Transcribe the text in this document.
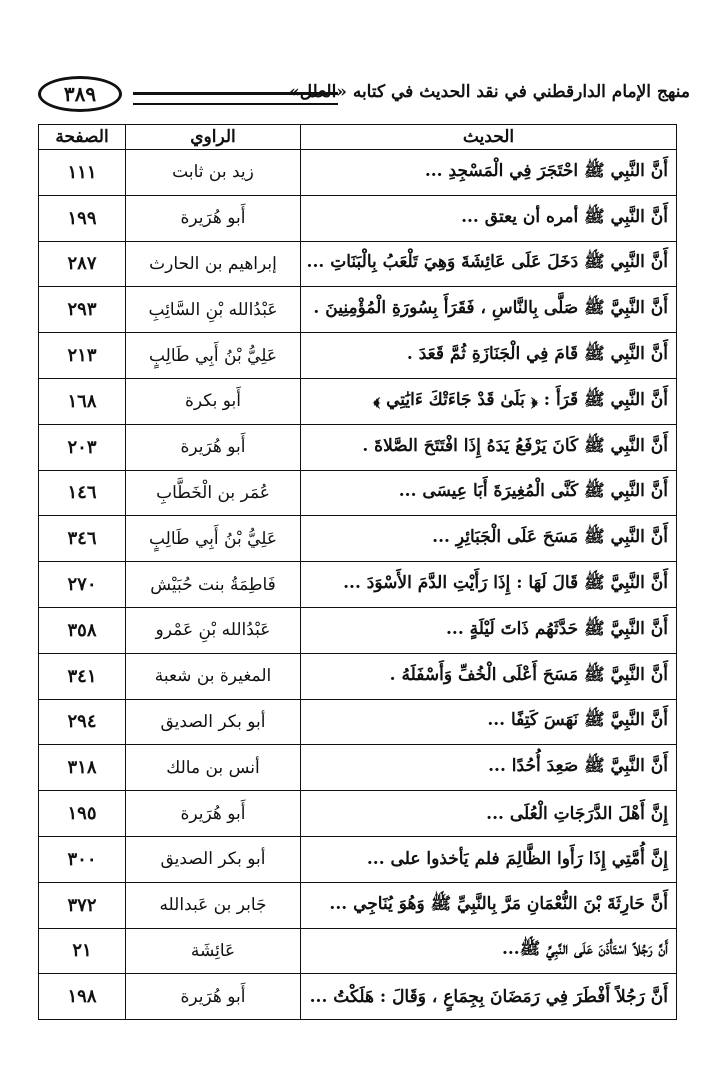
منهج الإمام الدارقطني في نقد الحديث في كتابه «العلل»
٣٨٩
الحديث	الراوي	الصفحة
أَنَّ النَّبِي ﷺ احْتَجَرَ فِي الْمَسْجِدِ ...	زيد بن ثابت	١١١
أَنَّ النَّبِي ﷺ أمره أن يعتق ...	أَبو هُرَيرة	١٩٩
أَنَّ النَّبِي ﷺ دَخَلَ عَلَى عَائِشَةَ وَهِيَ تَلْعَبُ بِالْبَنَاتِ ...	إبراهيم بن الحارث	٢٨٧
أَنَّ النَّبِيَّ ﷺ صَلَّى بِالنَّاسِ ، فَقَرَأَ بِسُورَةِ الْمُؤْمِنِينَ .	عَبْدُالله بْنِ السَّائِبِ	٢٩٣
أَنَّ النَّبِي ﷺ قَامَ فِي الْجَنَازَةِ ثُمَّ قَعَدَ .	عَلِيُّ بْنُ أَبِي طَالِبٍ	٢١٣
أَنَّ النَّبِي ﷺ قَرَأَ : ﴿ بَلَىٰ قَدْ جَاءَتْكَ ءَايَٰتِي ﴾	أَبو بكرة	١٦٨
أَنَّ النَّبِي ﷺ كَانَ يَرْفَعُ يَدَهُ إِذَا افْتَتَحَ الصَّلاةَ .	أَبو هُرَيرة	٢٠٣
أَنَّ النَّبِي ﷺ كَنَّى الْمُغِيرَةَ أَبَا عِيسَى ...	عُمَر بن الْخَطَّابِ	١٤٦
أَنَّ النَّبِي ﷺ مَسَحَ عَلَى الْجَبَائِرِ ...	عَلِيُّ بْنُ أَبِي طَالِبٍ	٣٤٦
أَنَّ النَّبِيَّ ﷺ قَالَ لَهَا : إِذَا رَأَيْتِ الدَّمَ الأَسْوَدَ ...	فَاطِمَةُ بنت حُبَيْش	٢٧٠
أَنَّ النَّبِيَّ ﷺ حَدَّثَهُم ذَاتَ لَيْلَةٍ ...	عَبْدُالله بْنِ عَمْرو	٣٥٨
أَنَّ النَّبِيَّ ﷺ مَسَحَ أَعْلَى الْخُفِّ وَأَسْفَلَهُ .	المغيرة بن شعبة	٣٤١
أَنَّ النَّبِيَّ ﷺ نَهَسَ كَتِفًا ...	أبو بكر الصديق	٢٩٤
أَنَّ النَّبِيَّ ﷺ صَعِدَ أُحُدًا ...	أنس بن مالك	٣١٨
إِنَّ أَهْلَ الدَّرَجَاتِ الْعُلَى ...	أَبو هُرَيرة	١٩٥
إِنَّ أُمَّتِي إِذَا رَأَوا الظَّالِمَ فلم يَأخذوا على ...	أبو بكر الصديق	٣٠٠
أَنَّ حَارِثَةَ بْنَ النُّعْمَانِ مَرَّ بِالنَّبِيِّ ﷺ وَهُوَ يُنَاجِي ...	جَابر بن عَبدالله	٣٧٢
أَنَّ رَجُلاً اسْتَأْذَنَ عَلَى النَّبِيِّ ﷺ...	عَائِشَة	٢١
أَنَّ رَجُلاً أَفْطَرَ فِي رَمَضَانَ بِجِمَاعٍ ، وَقَالَ : هَلَكْتُ ...	أَبو هُرَيرة	١٩٨
